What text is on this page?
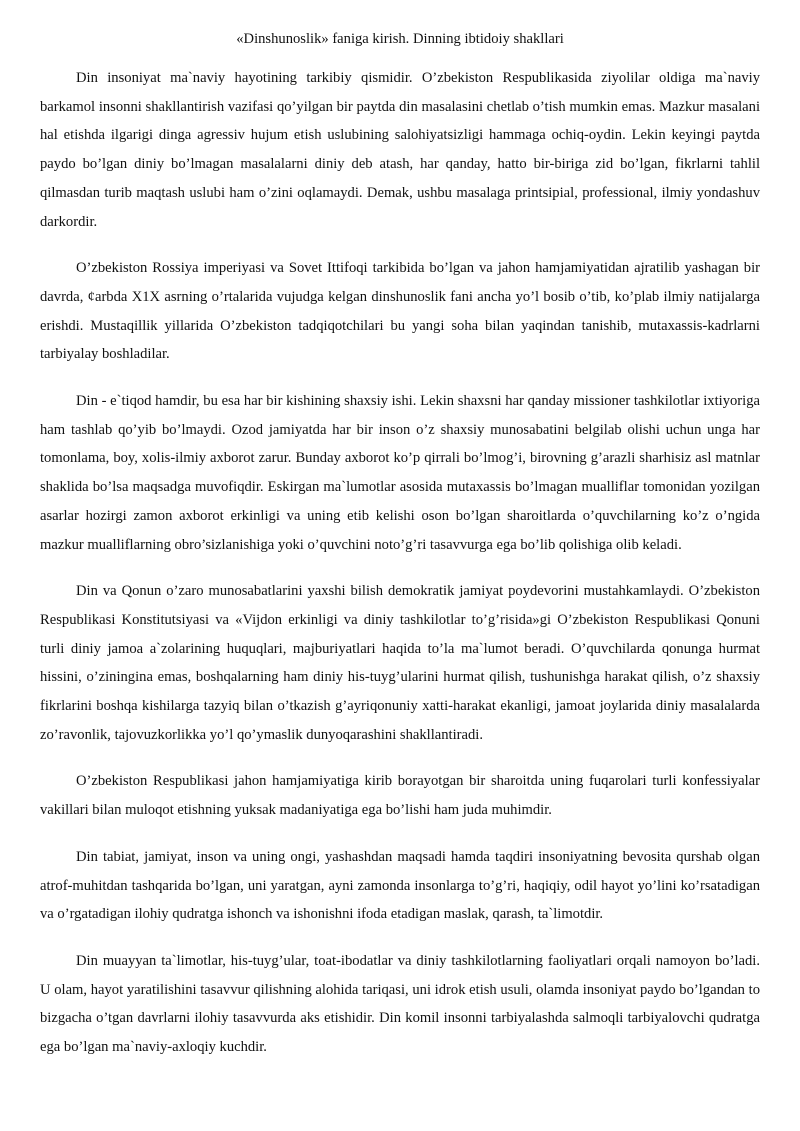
«Dinshunoslik» faniga kirish. Dinning ibtidoiy shakllari

Din insoniyat ma`naviy hayotining tarkibiy qismidir. O’zbekiston Respublikasida ziyolilar oldiga ma`naviy barkamol insonni shakllantirish vazifasi qo’yilgan bir paytda din masalasini chetlab o’tish mumkin emas. Mazkur masalani hal etishda ilgarigi dinga agressiv hujum etish uslubining salohiyatsizligi hammaga ochiq-oydin. Lekin keyingi paytda paydo bo’lgan diniy bo’lmagan masalalarni diniy deb atash, har qanday, hatto bir-biriga zid bo’lgan, fikrlarni tahlil qilmasdan turib maqtash uslubi ham o’zini oqlamaydi. Demak, ushbu masalaga printsipial, professional, ilmiy yondashuv darkordir.

O’zbekiston Rossiya imperiyasi va Sovet Ittifoqi tarkibida bo’lgan va jahon hamjamiyatidan ajratilib yashagan bir davrda, ¢arbda X1X asrning o’rtalarida vujudga kelgan dinshunoslik fani ancha yo’l bosib o’tib, ko’plab ilmiy natijalarga erishdi. Mustaqillik yillarida O’zbekiston tadqiqotchilari bu yangi soha bilan yaqindan tanishib, mutaxassis-kadrlarni tarbiyalay boshladilar.

Din - e`tiqod hamdir, bu esa har bir kishining shaxsiy ishi. Lekin shaxsni har qanday missioner tashkilotlar ixtiyoriga ham tashlab qo’yib bo’lmaydi. Ozod jamiyatda har bir inson o’z shaxsiy munosabatini belgilab olishi uchun unga har tomonlama, boy, xolis-ilmiy axborot zarur. Bunday axborot ko’p qirrali bo’lmog’i, birovning g’arazli sharhisiz asl matnlar shaklida bo’lsa maqsadga muvofiqdir. Eskirgan ma`lumotlar asosida mutaxassis bo’lmagan mualliflar tomonidan yozilgan asarlar hozirgi zamon axborot erkinligi va uning etib kelishi oson bo’lgan sharoitlarda o’quvchilarning ko’z o’ngida mazkur mualliflarning obro’sizlanishiga yoki o’quvchini noto’g’ri tasavvurga ega bo’lib qolishiga olib keladi.

Din va Qonun o’zaro munosabatlarini yaxshi bilish demokratik jamiyat poydevorini mustahkamlaydi. O’zbekiston Respublikasi Konstitutsiyasi va «Vijdon erkinligi va diniy tashkilotlar to’g’risida»gi O’zbekiston Respublikasi Qonuni turli diniy jamoa a`zolarining huquqlari, majburiyatlari haqida to’la ma`lumot beradi. O’quvchilarda qonunga hurmat hissini, o’ziningina emas, boshqalarning ham diniy his-tuyg’ularini hurmat qilish, tushunishga harakat qilish, o’z shaxsiy fikrlarini boshqa kishilarga tazyiq bilan o’tkazish g’ayriqonuniy xatti-harakat ekanligi, jamoat joylarida diniy masalalarda zo’ravonlik, tajovuzkorlikka yo’l qo’ymaslik dunyoqarashini shakllantiradi.

O’zbekiston Respublikasi jahon hamjamiyatiga kirib borayotgan bir sharoitda uning fuqarolari turli konfessiyalar vakillari bilan muloqot etishning yuksak madaniyatiga ega bo’lishi ham juda muhimdir.

Din tabiat, jamiyat, inson va uning ongi, yashashdan maqsadi hamda taqdiri insoniyatning bevosita qurshab olgan atrof-muhitdan tashqarida bo’lgan, uni yaratgan, ayni zamonda insonlarga to’g’ri, haqiqiy, odil hayot yo’lini ko’rsatadigan va o’rgatadigan ilohiy qudratga ishonch va ishonishni ifoda etadigan maslak, qarash, ta`limotdir.

Din muayyan ta`limotlar, his-tuyg’ular, toat-ibodatlar va diniy tashkilotlarning faoliyatlari orqali namoyon bo’ladi. U olam, hayot yaratilishini tasavvur qilishning alohida tariqasi, uni idrok etish usuli, olamda insoniyat paydo bo’lgandan to bizgacha o’tgan davrlarni ilohiy tasavvurda aks etishidir. Din komil insonni tarbiyalashda salmoqli tarbiyalovchi qudratga ega bo’lgan ma`naviy-axloqiy kuchdir.
